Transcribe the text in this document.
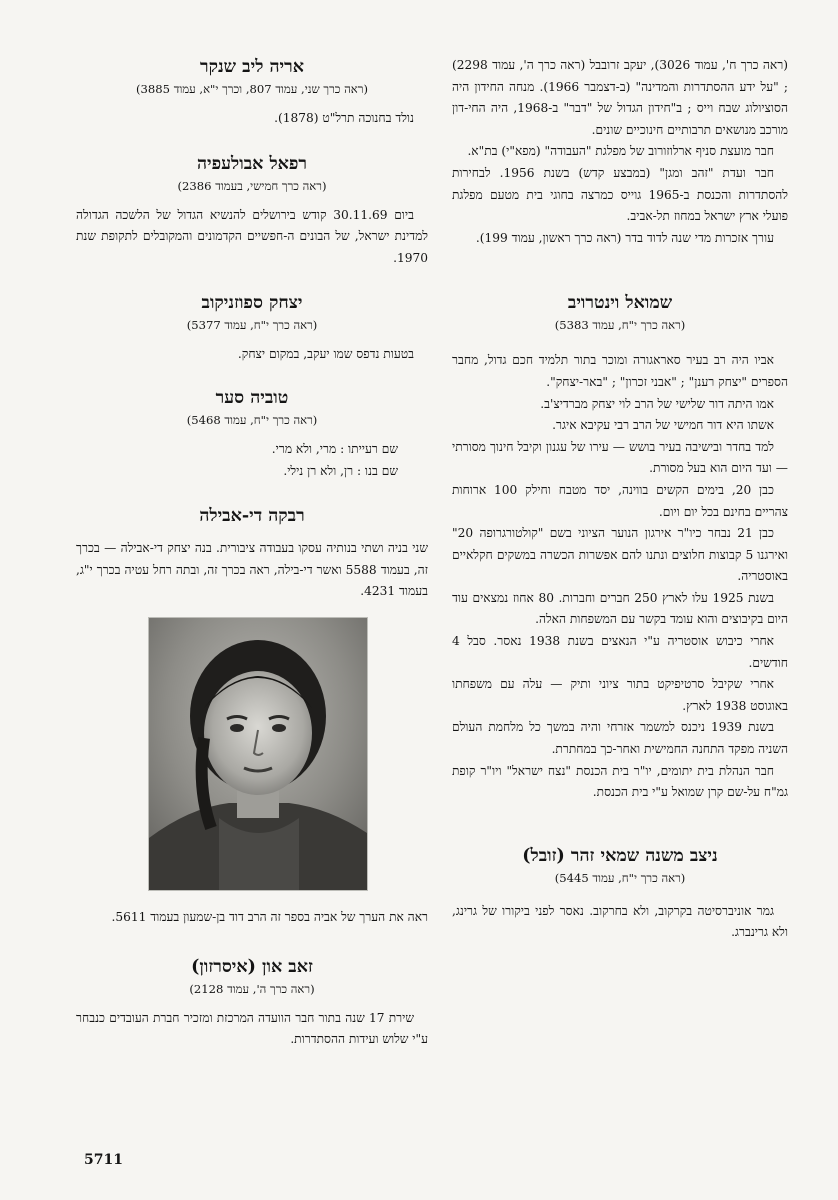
(ראה כרך ח', עמוד 3026), יעקב זרובבל (ראה כרך ה', עמוד 2298) ; "על ידע ההסתדרות והמדינה" (ב-דצמבר 1966). מנחה החידון היה הסוציולוג שבח וייס ; ב"חידון הגדול של "דבר" ב-1968, היה החי-דון מורכב מנושאים תרבותיים חינוכיים שונים.

חבר מועצת סניף ארלוזורוב של מפלגת "העבודה" (מפא"י) בת"א.

חבר ועדת "זהב ומגן" (במבצע קדש) בשנת 1956. לבחירות להסתדרות והכנסת ב-1965 גוייס כמרצה בחוגי בית מטעם מפלגת פועלי ארץ ישראל במחוז תל-אביב.

עורך אזכרות מדי שנה לדוד בדר (ראה כרך ראשון, עמוד 199).

שמואל וינטרויב
(ראה כרך י"ח, עמוד 5383)

אביו היה רב בעיר סאראגורה ומוכר בתור תלמיד חכם גדול, מחבר הספרים "יצחק רענן" ; "אבני זכרון" ; "באר-יצחק".

אמו היתה דור שלישי של הרב לוי יצחק מברדיצ'ב.

אשתו היא דור חמישי של הרב רבי עקיבא איגר.

למד בחדר ובישיבה בעיר בושש — עירו של עגנון וקיבל חינוך מסורתי — ועד היום הוא בעל מסורת.

כבן 20, בימים הקשים בווינה, יסד מטבח וחילק 100 ארוחות צהריים בחינם בכל יום ויום.

כבן 21 נבחר כיו"ר אירגון הנוער הציוני בשם "קולטורגרופה 20" ואירגנו 5 קבוצות חלוצים ונתנו להם אפשרות הכשרה במשקים חקלאיים באוסטריה.

בשנת 1925 עלו לארץ 250 חברים וחברות. 80 אחוז נמצאים עוד היום בקיבוצים והוא עומד בקשר עם המשפחות האלה.

אחרי כיבוש אוסטריה ע"י הנאצים בשנת 1938 נאסר. סבל 4 חודשים.

אחרי שקיבל סרטיפיקט בתור ציוני ותיק — עלה עם משפחתו באוגוסט 1938 לארץ.

בשנת 1939 ניכנס למשמר אזרחי והיה במשך כל מלחמת העולם השניה מפקד התחנה החמישית ואחר-כך במחתרת.

חבר הנהלת בית יתומים, יו"ר בית הכנסת "נצח ישראל" ויו"ר קופת גמ"ח על-שם קרן שמואל ע"י בית הכנסת.

ניצב משנה שמאי זהר (זובל)
(ראה כרך י"ח, עמוד 5445)

גמר אוניברסיטה בקרקוב, ולא בחרקוב. נאסר לפני ביקורו של גרינג, ולא גרינברג.

אריה ליב שנקר
(ראה כרך שני, עמוד 807, וכרך י"א, עמוד 3885)

נולד בחנוכה תרל"ט (1878).

רפאל אבולעפיה
(ראה כרך חמישי, בעמוד 2386)

ביום 30.11.69 קודש בירושלים להנשיא הגדול של הלשכה הגדולה למדינת ישראל, של הבונים ה-חפשיים הקדמונים והמקובלים לתקופת שנת 1970.

יצחק ספוזניקוב
(ראה כרך י"ח, עמוד 5377)

בטעות נדפס שמו יעקב, במקום יצחק.

טוביה סער
(ראה כרך י"ח, עמוד 5468)

שם רעייתו : מרי, ולא מרי.

שם בנו : רן, ולא רן נילי.

רבקה די-אבילה

שני בניה ושתי בנותיה עסקו בעבודה ציבורית. בנה יצחק די-אבילה — בכרך זה, בעמוד 5588 ואשר די-בילה, ראה בכרך זה, ובתה רחל עטיה בכרך י"ג, בעמוד 4231.

ראה את הערך של אביה בספר זה הרב דוד בן-שמעון בעמוד 5611.

זאב און (איסרזון)
(ראה כרך ה', עמוד 2128)

שירת 17 שנה בתור חבר הוועדה המרכזת ומזכיר חברת העובדים כנבחר ע"י שלוש ועידות ההסתדרות.

5711
